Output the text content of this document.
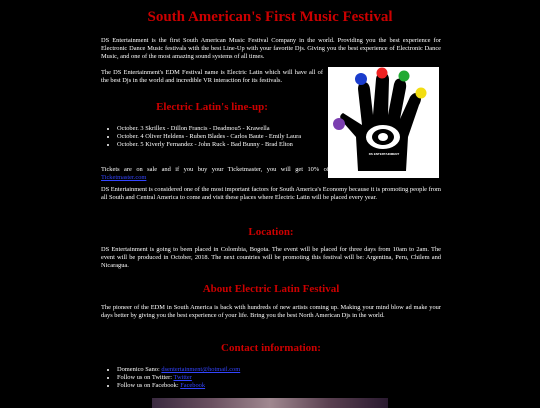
South American's First Music Festival
DS ENTERTAINMENT

DS Entertainment is the first South American Music Festival Company in the world. Providing you the best experience for Electronic Dance Music festivals with the best Line-Up with your favorite Djs. Giving you the best experience of Electronic Dance Music, and one of the most amazing sound systems of all times.

The DS Entertainment's EDM Festival name is Electric Latin which will have all of the best Djs in the world and incredible VR interaction for its festivals.

Electric Latin's line-up:
• October. 3 Skrillex - Dillon Francis - Deadmou5 - Krawella
• October. 4 Oliver Heldens - Ruben Blades - Carlos Baute - Emily Laura
• October. 5 Kiverly Fernandez - John Ruck - Bad Bunny - Brad Elton

Tickets are on sale and if you buy your Ticketmaster, you will get 10% off Ticketmaster.com

DS Entertainment is considered one of the most important factors for South America's Economy because it is promoting people from all South and Central America to come and visit these places where Electric Latin will be placed every year.

Location:

DS Entertainment is going to been placed in Colombia, Bogota. The event will be placed for three days from 10am to 2am. The event will be produced in October, 2018. The next countries will be promoting this festival will be: Argentina, Peru, Chilem and Nicaragua.

About Electric Latin Festival

The pioneer of the EDM in South America is back with hundreds of new artists coming up. Making your mind blow ad make your days better by giving you the best experience of your life. Bring you the best North American Djs in the world.

Contact information:
• Domenico Sano: dsentertainment@hotmail.com
• Follow us on Twitter: Twitter
• Follow us on Facebook: Facebook
